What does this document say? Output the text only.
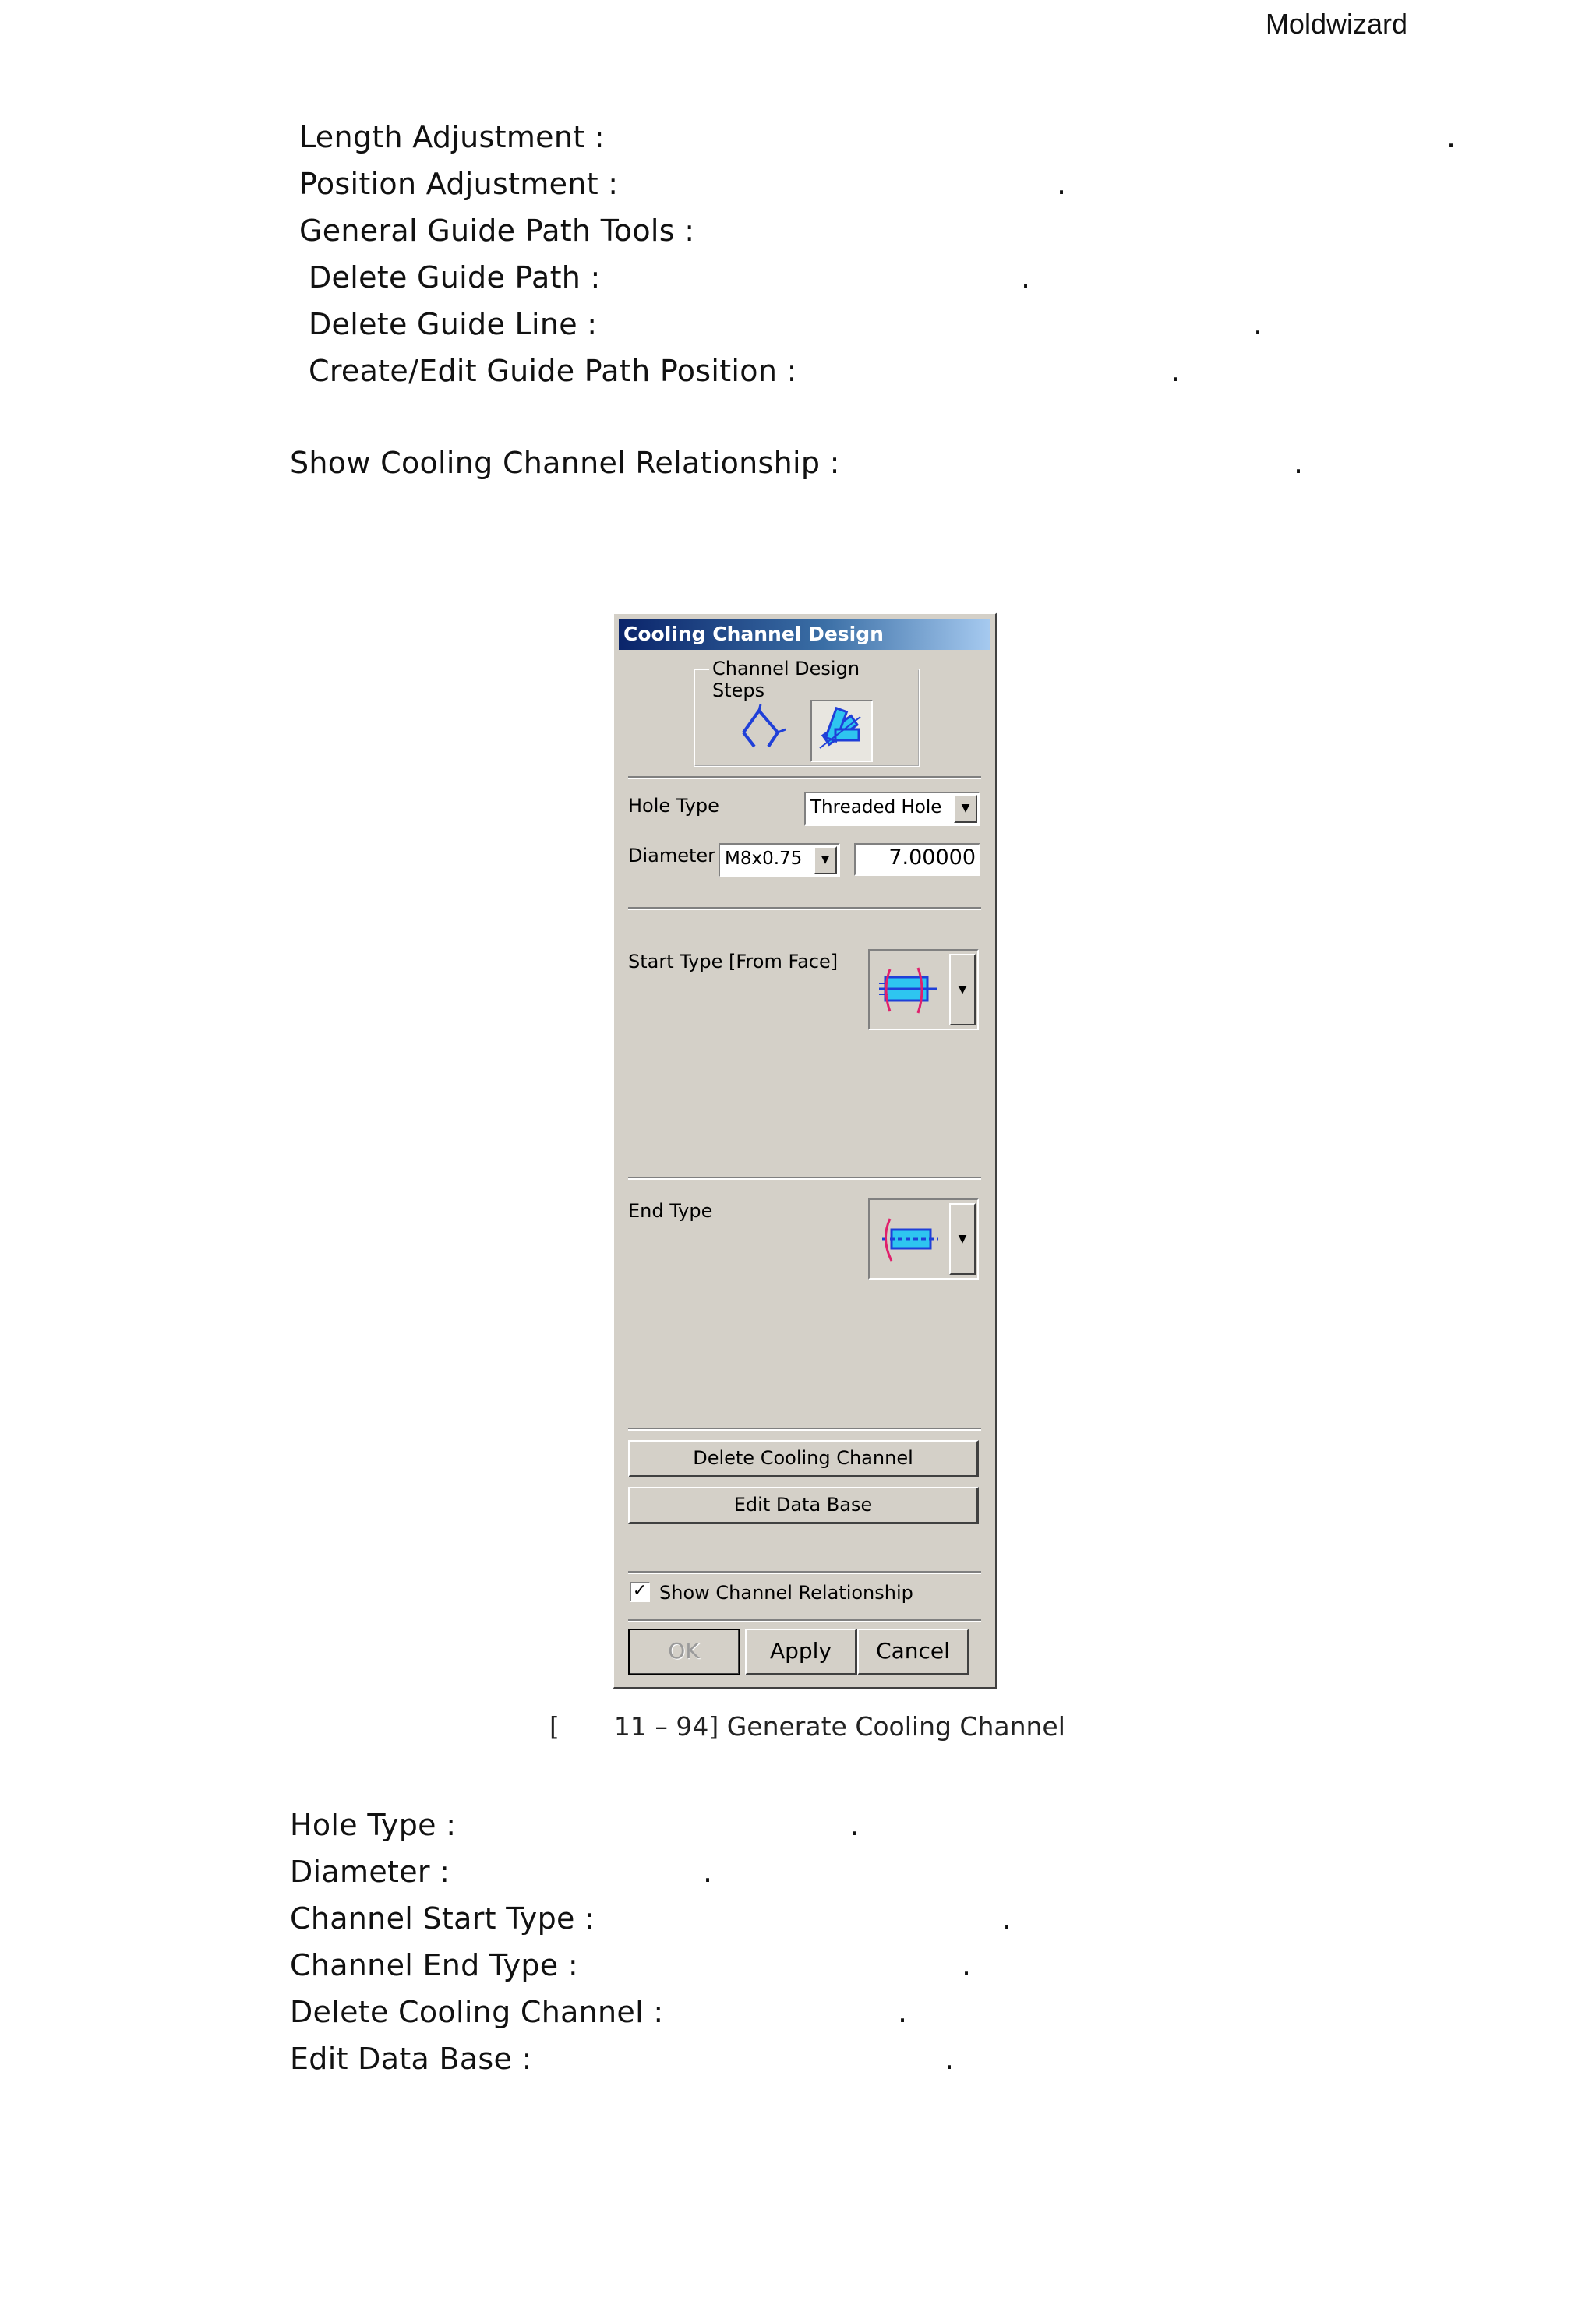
Moldwizard
Length Adjustment :	.
Position Adjustment :	.
General Guide Path Tools :
Delete Guide Path :	.
Delete Guide Line :	.
Create/Edit Guide Path Position :	.
Show Cooling Channel Relationship :	.
Cooling Channel Design
Channel Design Steps
Hole Type	Threaded Hole	▼
Diameter M8x0.75	▼	7.00000
Start Type [From Face]
▼
End Type
▼
Delete Cooling Channel
Edit Data Base
✓ Show Channel Relationship
OK	Apply	Cancel
[ 11 – 94] Generate Cooling Channel
Hole Type :	.
Diameter :	.
Channel Start Type :	.
Channel End Type :	.
Delete Cooling Channel :	.
Edit Data Base :	.
